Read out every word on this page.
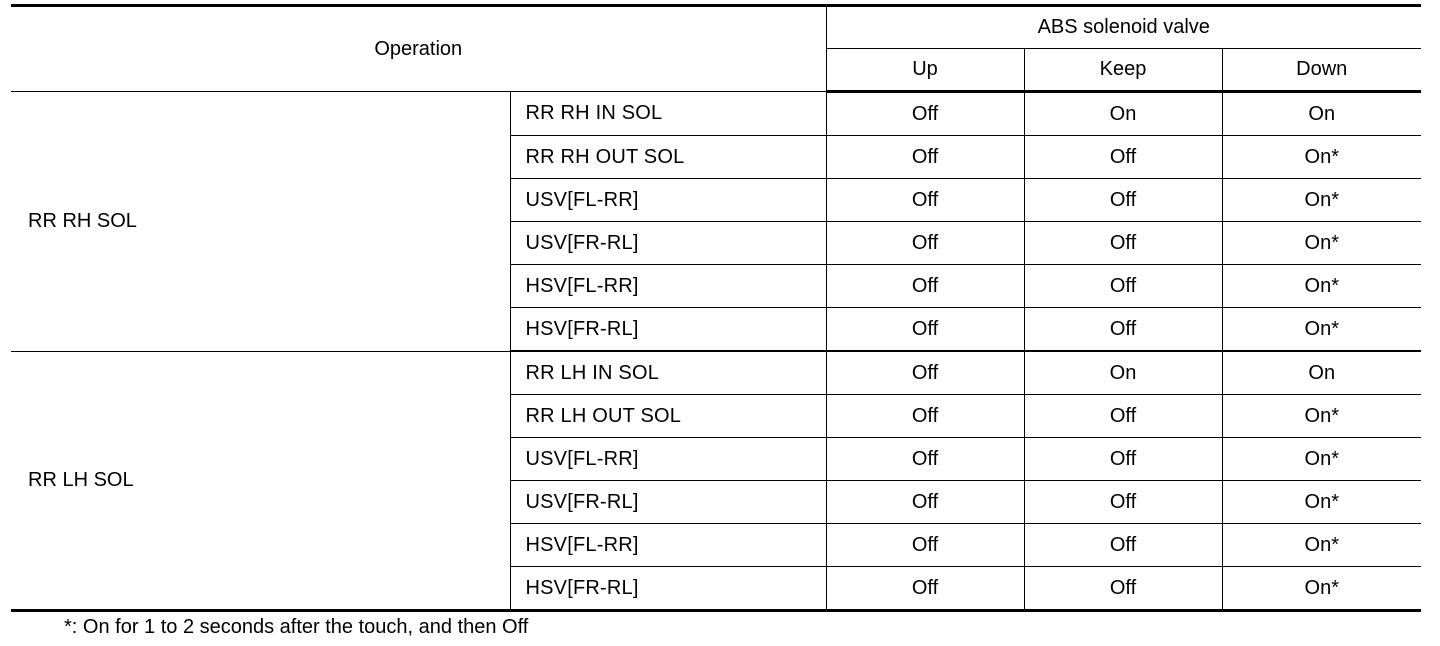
Operation		ABS solenoid valve		
		Up	Keep	Down
RR RH SOL	RR RH IN SOL	Off	On	On
	RR RH OUT SOL	Off	Off	On*
	USV[FL-RR]	Off	Off	On*
	USV[FR-RL]	Off	Off	On*
	HSV[FL-RR]	Off	Off	On*
	HSV[FR-RL]	Off	Off	On*
RR LH SOL	RR LH IN SOL	Off	On	On
	RR LH OUT SOL	Off	Off	On*
	USV[FL-RR]	Off	Off	On*
	USV[FR-RL]	Off	Off	On*
	HSV[FL-RR]	Off	Off	On*
	HSV[FR-RL]	Off	Off	On*
*: On for 1 to 2 seconds after the touch, and then Off
